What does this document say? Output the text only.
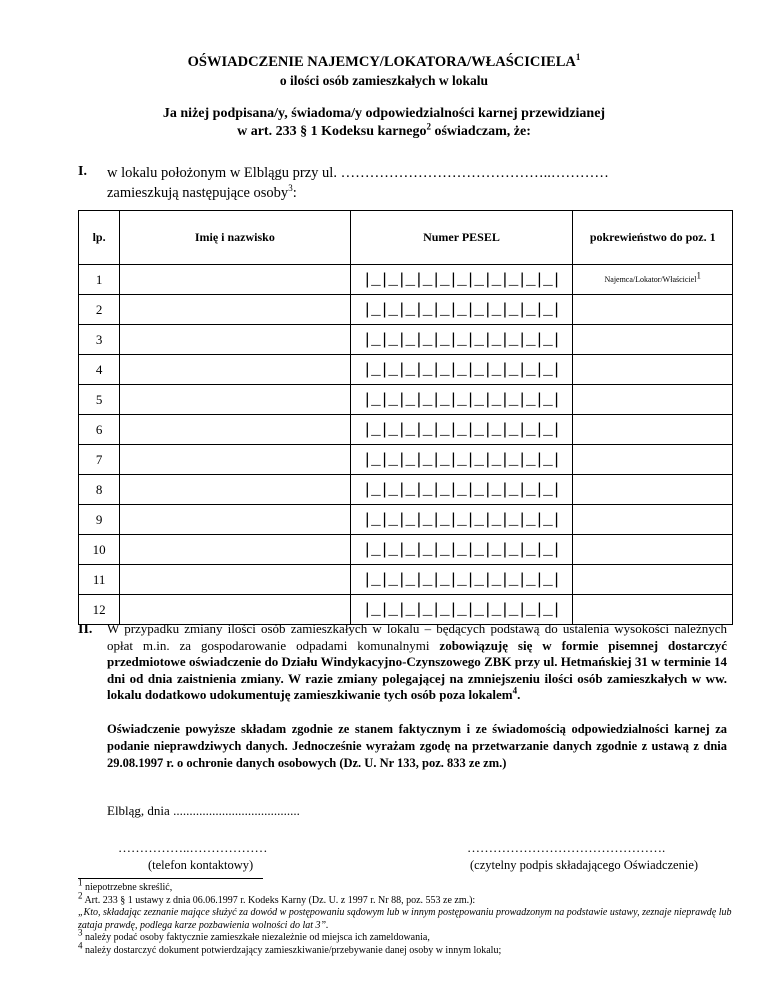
OŚWIADCZENIE NAJEMCY/LOKATORA/WŁAŚCICIELA$^1$
o ilości osób zamieszkałych w lokalu
Ja niżej podpisana/y, świadoma/y odpowiedzialności karnej przewidzianej
w art. 233 § 1 Kodeksu karnego$^2$ oświadczam, że:
I. w lokalu położonym w Elblągu przy ul. ……………………………………..…………
zamieszkują następujące osoby$^3$:
lp.	Imię i nazwisko	Numer PESEL	pokrewieństwo do poz. 1
1		|_|_|_|_|_|_|_|_|_|_|_|	Najemca/Lokator/Właściciel$^1$
2		|_|_|_|_|_|_|_|_|_|_|_|	
3		|_|_|_|_|_|_|_|_|_|_|_|	
4		|_|_|_|_|_|_|_|_|_|_|_|	
5		|_|_|_|_|_|_|_|_|_|_|_|	
6		|_|_|_|_|_|_|_|_|_|_|_|	
7		|_|_|_|_|_|_|_|_|_|_|_|	
8		|_|_|_|_|_|_|_|_|_|_|_|	
9		|_|_|_|_|_|_|_|_|_|_|_|	
10		|_|_|_|_|_|_|_|_|_|_|_|	
11		|_|_|_|_|_|_|_|_|_|_|_|	
12		|_|_|_|_|_|_|_|_|_|_|_|	
II. W przypadku zmiany ilości osób zamieszkałych w lokalu – będących podstawą do ustalenia wysokości należnych opłat m.in. za gospodarowanie odpadami komunalnymi zobowiązuję się w formie pisemnej dostarczyć przedmiotowe oświadczenie do Działu Windykacyjno-Czynszowego ZBK przy ul. Hetmańskiej 31 w terminie 14 dni od dnia zaistnienia zmiany. W razie zmiany polegającej na zmniejszeniu ilości osób zamieszkałych w ww. lokalu dodatkowo udokumentuję zamieszkiwanie tych osób poza lokalem$^4$.
Oświadczenie powyższe składam zgodnie ze stanem faktycznym i ze świadomością odpowiedzialności karnej za podanie nieprawdziwych danych. Jednocześnie wyrażam zgodę na przetwarzanie danych zgodnie z ustawą z dnia 29.08.1997 r. o ochronie danych osobowych (Dz. U. Nr 133, poz. 833 ze zm.)
Elbląg, dnia .......................................
……………..………………
(telefon kontaktowy)
……………………………………….
(czytelny podpis składającego Oświadczenie)
$^1$ niepotrzebne skreślić,
$^2$ Art. 233 § 1 ustawy z dnia 06.06.1997 r. Kodeks Karny (Dz. U. z 1997 r. Nr 88, poz. 553 ze zm.):
„Kto, składając zeznanie mające służyć za dowód w postępowaniu sądowym lub w innym postępowaniu prowadzonym na podstawie ustawy, zeznaje nieprawdę lub zataja prawdę, podlega karze pozbawienia wolności do lat 3”.
$^3$ należy podać osoby faktycznie zamieszkałe niezależnie od miejsca ich zameldowania,
$^4$ należy dostarczyć dokument potwierdzający zamieszkiwanie/przebywanie danej osoby w innym lokalu;
